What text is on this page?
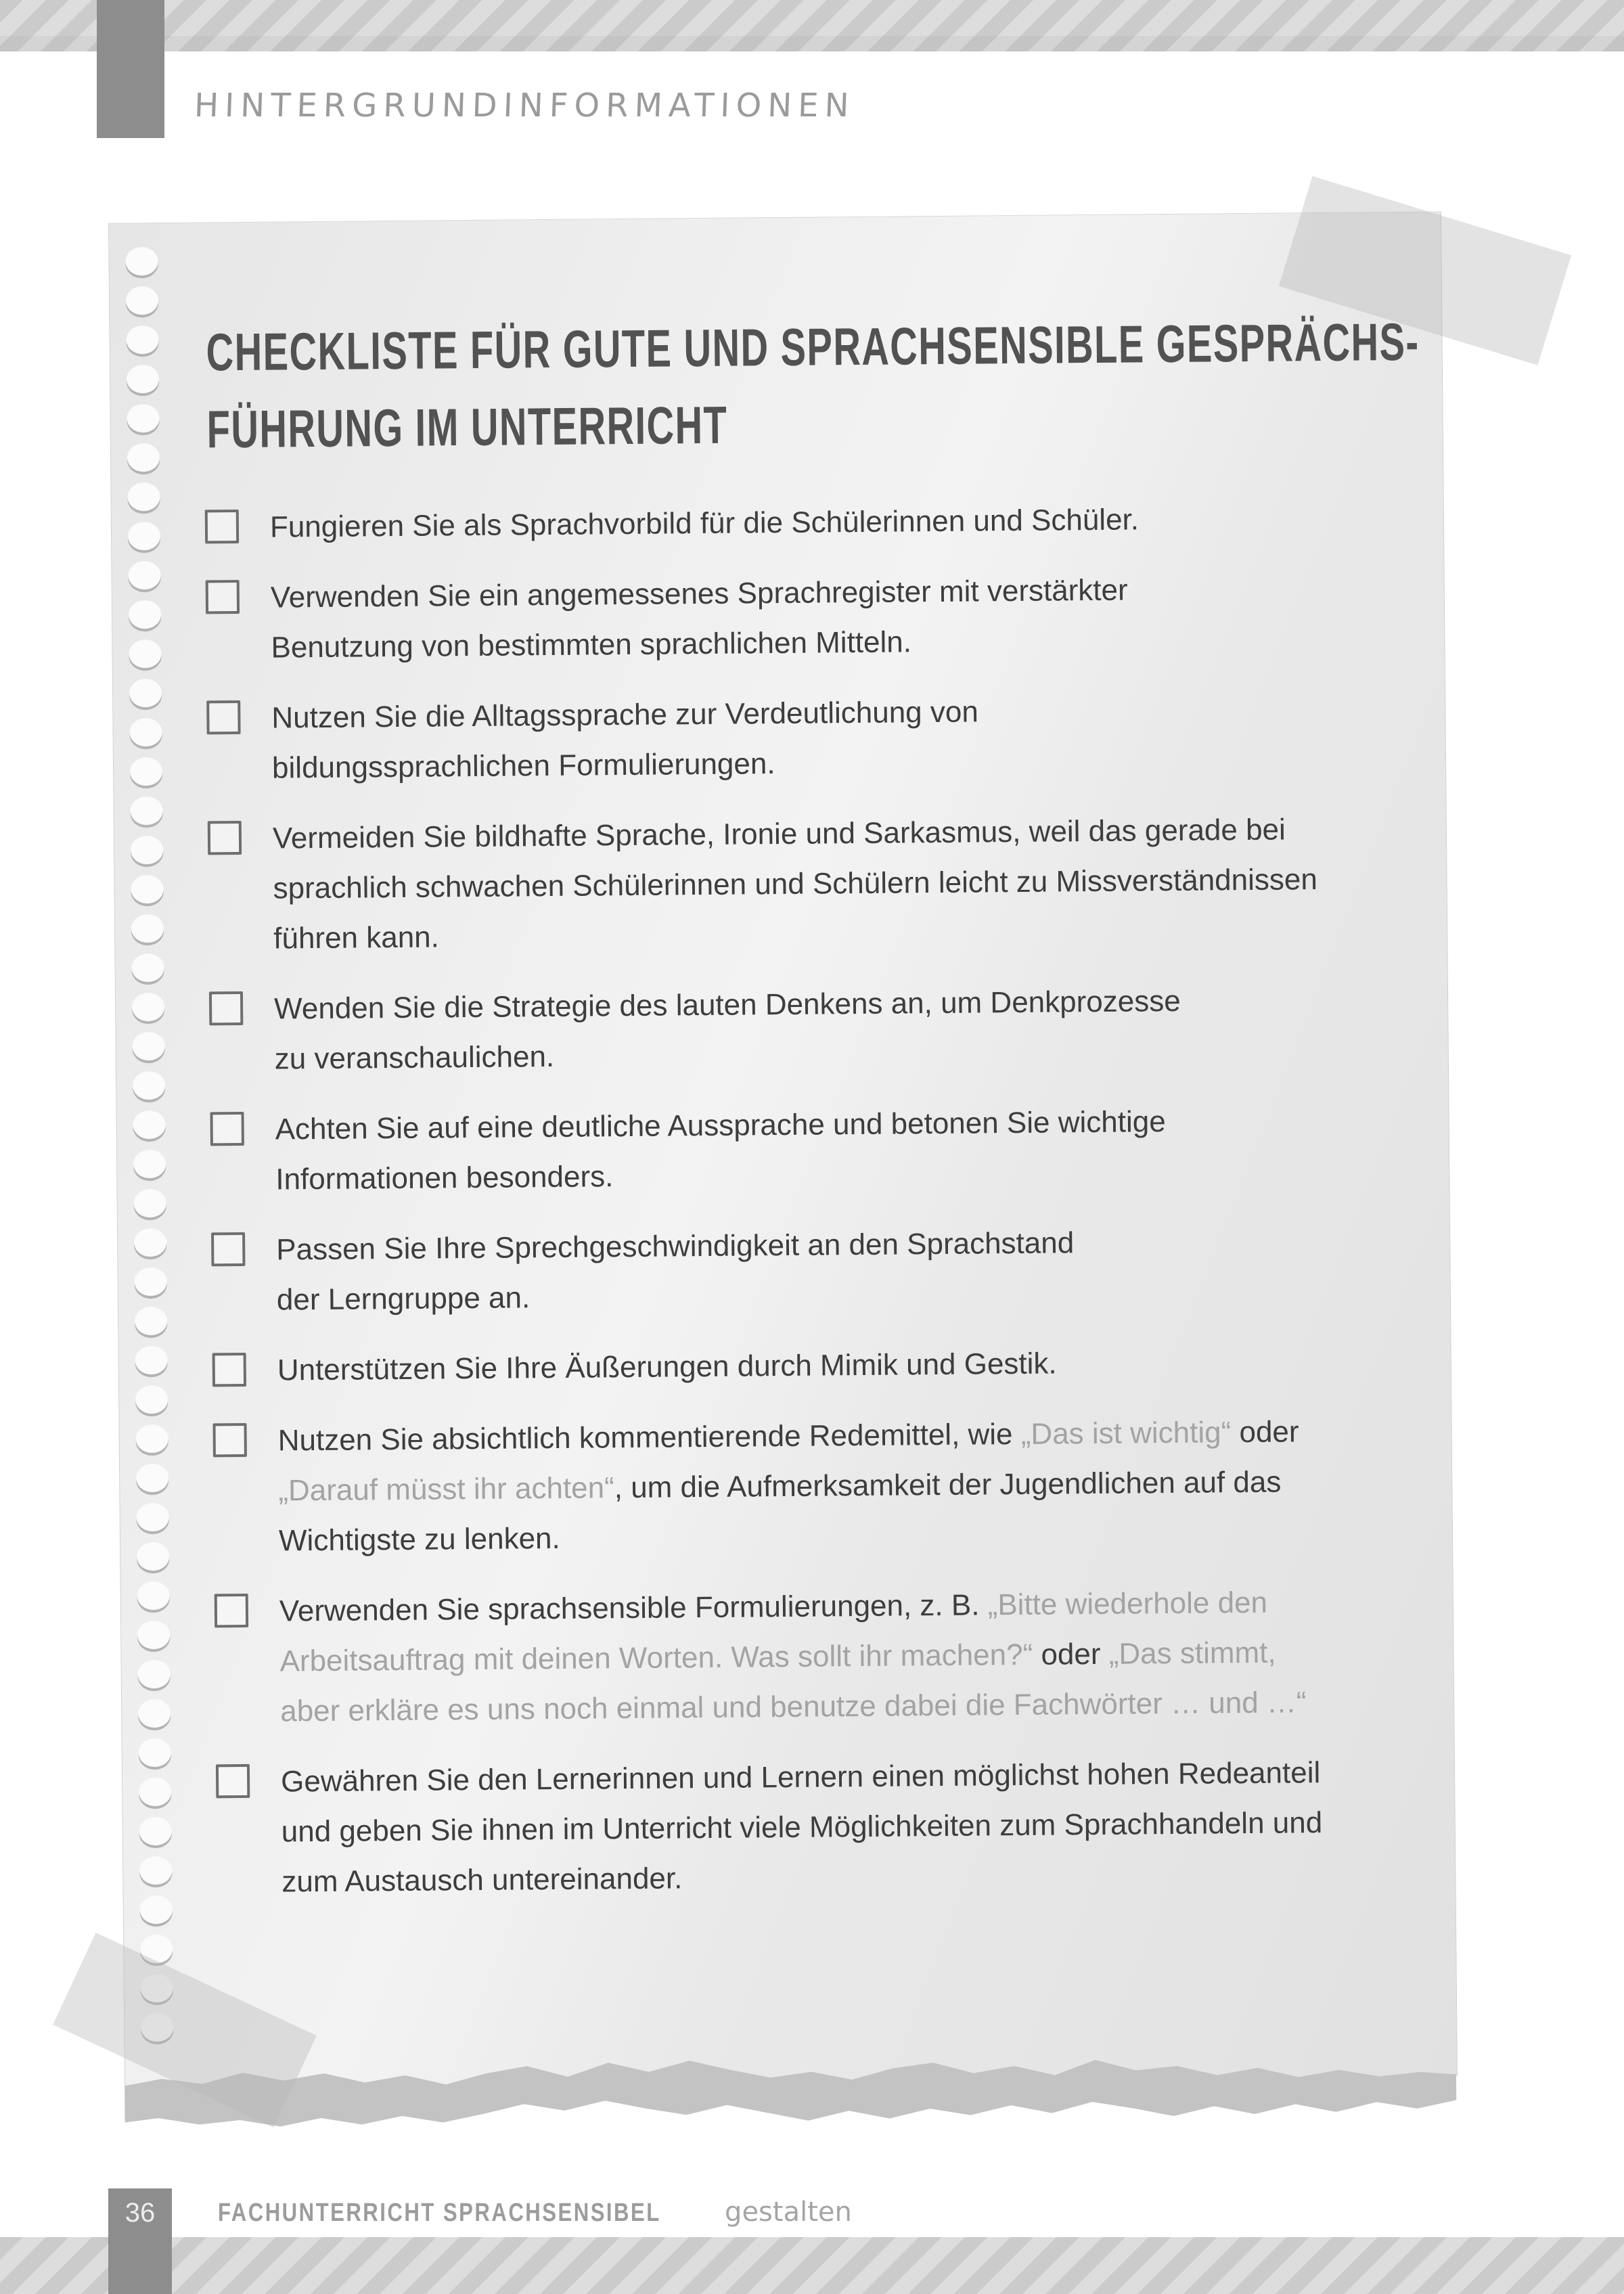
HINTERGRUNDINFORMATIONEN
CHECKLISTE FÜR GUTE UND SPRACHSENSIBLE GESPRÄCHS-
FÜHRUNG IM UNTERRICHT
Fungieren Sie als Sprachvorbild für die Schülerinnen und Schüler.
Verwenden Sie ein angemessenes Sprachregister mit verstärkter
Benutzung von bestimmten sprachlichen Mitteln.
Nutzen Sie die Alltagssprache zur Verdeutlichung von
bildungssprachlichen Formulierungen.
Vermeiden Sie bildhafte Sprache, Ironie und Sarkasmus, weil das gerade bei
sprachlich schwachen Schülerinnen und Schülern leicht zu Missverständnissen
führen kann.
Wenden Sie die Strategie des lauten Denkens an, um Denkprozesse
zu veranschaulichen.
Achten Sie auf eine deutliche Aussprache und betonen Sie wichtige
Informationen besonders.
Passen Sie Ihre Sprechgeschwindigkeit an den Sprachstand
der Lerngruppe an.
Unterstützen Sie Ihre Äußerungen durch Mimik und Gestik.
Nutzen Sie absichtlich kommentierende Redemittel, wie „Das ist wichtig“ oder
„Darauf müsst ihr achten“, um die Aufmerksamkeit der Jugendlichen auf das
Wichtigste zu lenken.
Verwenden Sie sprachsensible Formulierungen, z. B. „Bitte wiederhole den
Arbeitsauftrag mit deinen Worten. Was sollt ihr machen?“ oder „Das stimmt,
aber erkläre es uns noch einmal und benutze dabei die Fachwörter … und …“
Gewähren Sie den Lernerinnen und Lernern einen möglichst hohen Redeanteil
und geben Sie ihnen im Unterricht viele Möglichkeiten zum Sprachhandeln und
zum Austausch untereinander.
36	FACHUNTERRICHT SPRACHSENSIBEL gestalten
